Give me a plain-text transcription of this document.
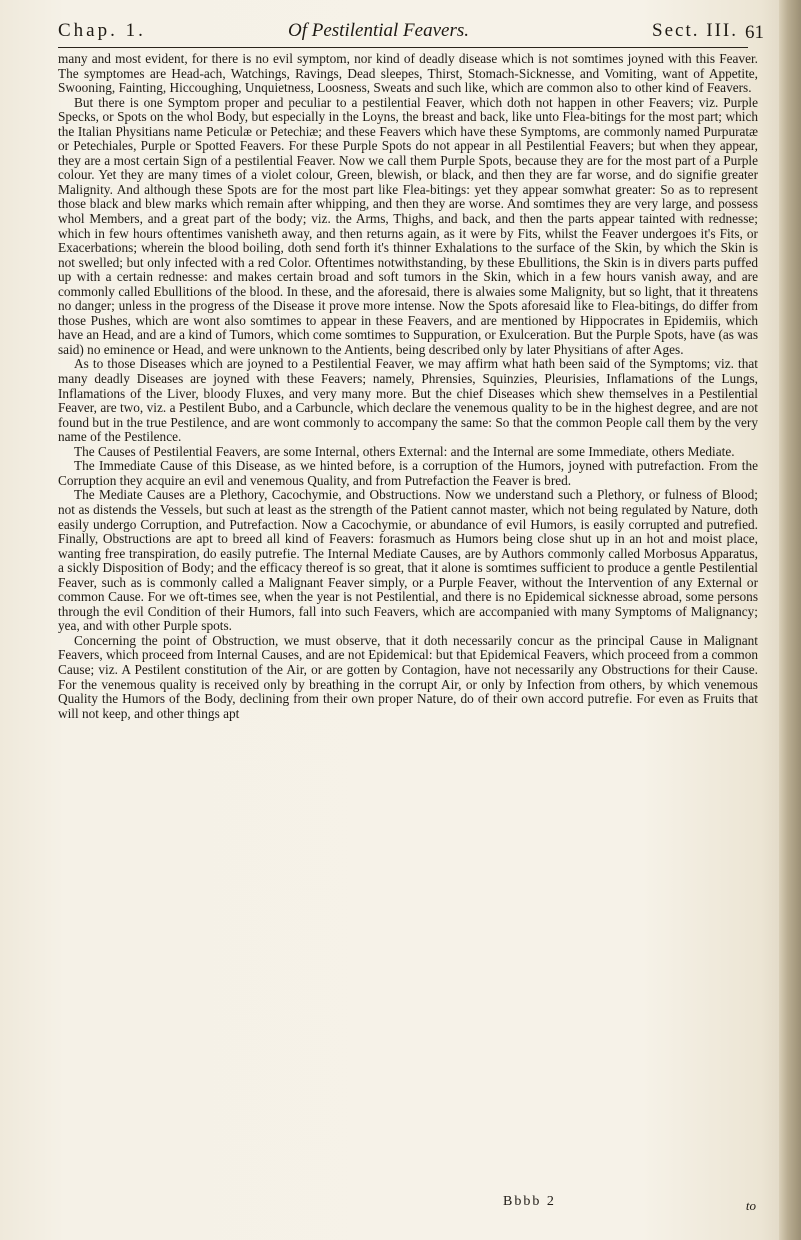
Chap. 1.	Of Pestilential Feavers.	Sect. III. 61

many and most evident, for there is no evil symptom, nor kind of deadly disease which is not somtimes joyned with this Feaver. The symptomes are Head-ach, Watchings, Ravings, Dead sleepes, Thirst, Stomach-Sicknesse, and Vomiting, want of Appetite, Swooning, Fainting, Hiccoughing, Unquietness, Loosness, Sweats and such like, which are common also to other kind of Feavers.

But there is one Symptom proper and peculiar to a pestilential Feaver, which doth not happen in other Feavers; viz. Purple Specks, or Spots on the whol Body, but especially in the Loyns, the breast and back, like unto Flea-bitings for the most part; which the Italian Physitians name Peticulæ or Petechiæ; and these Feavers which have these Symptoms, are commonly named Purpuratæ or Petechiales, Purple or Spotted Feavers. For these Purple Spots do not appear in all Pestilential Feavers; but when they appear, they are a most certain Sign of a pestilential Feaver. Now we call them Purple Spots, because they are for the most part of a Purple colour. Yet they are many times of a violet colour, Green, blewish, or black, and then they are far worse, and do signifie greater Malignity. And although these Spots are for the most part like Flea-bitings: yet they appear somwhat greater: So as to represent those black and blew marks which remain after whipping, and then they are worse. And somtimes they are very large, and possess whol Members, and a great part of the body; viz. the Arms, Thighs, and back, and then the parts appear tainted with rednesse; which in few hours oftentimes vanisheth away, and then returns again, as it were by Fits, whilst the Feaver undergoes it's Fits, or Exacerbations; wherein the blood boiling, doth send forth it's thinner Exhalations to the surface of the Skin, by which the Skin is not swelled; but only infected with a red Color. Oftentimes notwithstanding, by these Ebullitions, the Skin is in divers parts puffed up with a certain rednesse: and makes certain broad and soft tumors in the Skin, which in a few hours vanish away, and are commonly called Ebullitions of the blood. In these, and the aforesaid, there is alwaies some Malignity, but so light, that it threatens no danger; unless in the progress of the Disease it prove more intense. Now the Spots aforesaid like to Flea-bitings, do differ from those Pushes, which are wont also somtimes to appear in these Feavers, and are mentioned by Hippocrates in Epidemiis, which have an Head, and are a kind of Tumors, which come somtimes to Suppuration, or Exulceration. But the Purple Spots, have (as was said) no eminence or Head, and were unknown to the Antients, being described only by later Physitians of after Ages.

As to those Diseases which are joyned to a Pestilential Feaver, we may affirm what hath been said of the Symptoms; viz. that many deadly Diseases are joyned with these Feavers; namely, Phrensies, Squinzies, Pleurisies, Inflamations of the Lungs, Inflamations of the Liver, bloody Fluxes, and very many more. But the chief Diseases which shew themselves in a Pestilential Feaver, are two, viz. a Pestilent Bubo, and a Carbuncle, which declare the venemous quality to be in the highest degree, and are not found but in the true Pestilence, and are wont commonly to accompany the same: So that the common People call them by the very name of the Pestilence.

The Causes of Pestilential Feavers, are some Internal, others External: and the Internal are some Immediate, others Mediate.

The Immediate Cause of this Disease, as we hinted before, is a corruption of the Humors, joyned with putrefaction. From the Corruption they acquire an evil and venemous Quality, and from Putrefaction the Feaver is bred.

The Mediate Causes are a Plethory, Cacochymie, and Obstructions. Now we understand such a Plethory, or fulness of Blood; not as distends the Vessels, but such at least as the strength of the Patient cannot master, which not being regulated by Nature, doth easily undergo Corruption, and Putrefaction. Now a Cacochymie, or abundance of evil Humors, is easily corrupted and putrefied. Finally, Obstructions are apt to breed all kind of Feavers: forasmuch as Humors being close shut up in an hot and moist place, wanting free transpiration, do easily putrefie. The Internal Mediate Causes, are by Authors commonly called Morbosus Apparatus, a sickly Disposition of Body; and the efficacy thereof is so great, that it alone is somtimes sufficient to produce a gentle Pestilential Feaver, such as is commonly called a Malignant Feaver simply, or a Purple Feaver, without the Intervention of any External or common Cause. For we oft-times see, when the year is not Pestilential, and there is no Epidemical sicknesse abroad, some persons through the evil Condition of their Humors, fall into such Feavers, which are accompanied with many Symptoms of Malignancy; yea, and with other Purple spots.

Concerning the point of Obstruction, we must observe, that it doth necessarily concur as the principal Cause in Malignant Feavers, which proceed from Internal Causes, and are not Epidemical: but that Epidemical Feavers, which proceed from a common Cause; viz. A Pestilent constitution of the Air, or are gotten by Contagion, have not necessarily any Obstructions for their Cause. For the venemous quality is received only by breathing in the corrupt Air, or only by Infection from others, by which venemous Quality the Humors of the Body, declining from their own proper Nature, do of their own accord putrefie. For even as Fruits that will not keep, and other things apt

Bbbb 2	to
